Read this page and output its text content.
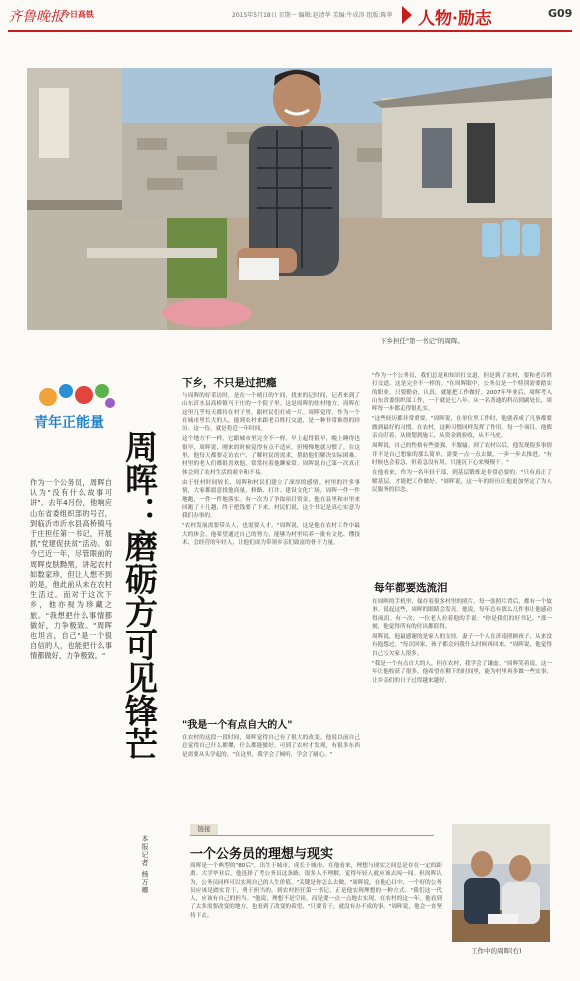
齐鲁晚报
今日高铁	2015年5月18日 星期一 编辑:赵清华 美编:牛成涛 组版:陈华 人物·励志	G09
下乡担任"第一书记"的周晖。
青年正能量
作为一个公务员，周晖自认为"没有什么故事可讲"。去年4月份，他响应山东省委组织部的号召，到临沂市沂水县高桥镇马于庄担任第一书记，开展抓"党建促扶贫"活动。如今已近一年，尽管眼前的周晖皮肤黝黑，讲起农村如数家珍，但让人想不到的是，他此前从未在农村生活过。而对于这次下乡，他亦视为珍藏之旅。"我想把什么事情都做好，力争极致。"周晖也坦言，自己"是一个很自信的人，也能把什么事情都做好、力争极致。" 周晖：磨砺方可见锋芒
本报记者 杨万卿
下乡，不只是过把瘾

与周晖的好采访时，是在一个晴日的午间，找来的记时间，记者来到了山东沂水县高桥镇马于庄的一个院子里。这是周晖的驻村地方，周晖在这里几乎每天都待在村子里，跟村民们打成一片。周晖觉得，作为一个在城市里长大的人，能到农村来跟老百姓打交道，是一种非常难得的经历。这一待，就是将近一年时间。

这个地方不一样，它跟城市里完全不一样。早上起得很早，晚上睡得也很早，周晖说，刚来的时候觉得有点不适应，但慢慢地就习惯了。在这里，他每天都要走访农户，了解村民的需求，帮助他们解决实际困难。村里的老人们都很喜欢他，常常拉着他聊家常。周晖说自己第一次真正体会到了农村生活的艰辛和不易。

由于驻村时间较长，周晖和村民们建立了深厚的感情。村里的许多事情，大家都愿意找他商量。修路、打井、建设文化广场，周晖一件一件地跑，一件一件地落实。有一次为了争取项目资金，他在县里和市里来回跑了十几趟，终于把钱要了下来。村民们说，这个书记是真心实意为我们办事的。

"农村发展需要带头人，也需要人才。"周晖说，这是他在农村工作中最大的体会。他希望通过自己的努力，能够为村里培养一批有文化、懂技术、会经营的年轻人，让他们成为带领乡亲们致富的骨干力量。

"我是一个有点自大的人"

在农村的这段一段时间，周晖觉得自己有了很大的改变。他说以前自己总觉得自己什么都懂，什么都能做好，可到了农村才发现，有很多东西是需要从头学起的。"在这里，我学会了倾听，学会了耐心。"

"作为一个公务员，我们总是和知识打交道，但是到了农村，要和老百姓打交道，这是完全不一样的。"在周晖眼中，公务员是一个特别需要踏实的职业，只要勤奋、认真，就能把工作做好。2007年毕业后，周晖考入山东省委组织部工作，一干就是七八年。从一名普通的科员到副处长，周晖每一步都走得很扎实。

"这些经历都非常重要。"周晖说，在单位里工作时，他就养成了凡事都要做到最好的习惯。在农村，这种习惯同样发挥了作用。每一个项目，他都亲自盯着，从规划到施工，从资金到验收，从不马虎。

周晖说，自己的性格有些要强，不服输。到了农村以后，他发现很多事情并不是自己想象的那么简单，需要一点一点去做，一步一步去推进。"有时候也会着急，但着急没有用，只能沉下心来慢慢干。"

在他看来，作为一名年轻干部，到基层锻炼是非常必要的。"只有真正了解基层，才能把工作做好。"周晖说，这一年的经历让他更加坚定了为人民服务的信念。

每年都要选流泪

在周晖的手机里，保存着很多村里的照片。每一张照片背后，都有一个故事。说起这些，周晖的眼睛会发亮。他说，每年总有那么几件事让他感动得流泪。有一次，一位老人拉着他的手说："你是我们的好书记。"那一刻，他觉得所有的付出都值得。

周晖说，他最感谢的是家人的支持。妻子一个人在济南照顾孩子，从来没有抱怨过。"每次回家，孩子都会问我什么时候再回来。"周晖说，他觉得自己亏欠家人很多。

"我是一个有点自大的人，但在农村，我学会了谦虚。"周晖笑着说，这一年让他收获了很多。他希望在剩下的时间里，能为村里再多做一些实事，让乡亲们的日子过得越来越好。

链接
一个公务员的理想与现实
周晖是一个典型的"80后"，出生于城市，成长于城市。在他看来，理想与现实之间总是存在一定的距离。大学毕业后，他选择了考公务员这条路，很多人不理解，觉得年轻人就应该去闯一闯。但周晖认为，公务员同样可以实现自己的人生价值。"关键是你怎么去做。"周晖说，在他心目中，一个好的公务员应该是踏实肯干、勇于担当的。到农村担任第一书记，正是他实现理想的一种方式。"我们这一代人，应该有自己的担当。"他说，理想不是空谈，而是要一点一点地去实现。在农村的这一年，他看到了太多需要改变的地方，也看到了改变的希望。"只要肯干，就没有办不成的事。"周晖说，他会一直坚持下去。
工作中的周晖(右)
